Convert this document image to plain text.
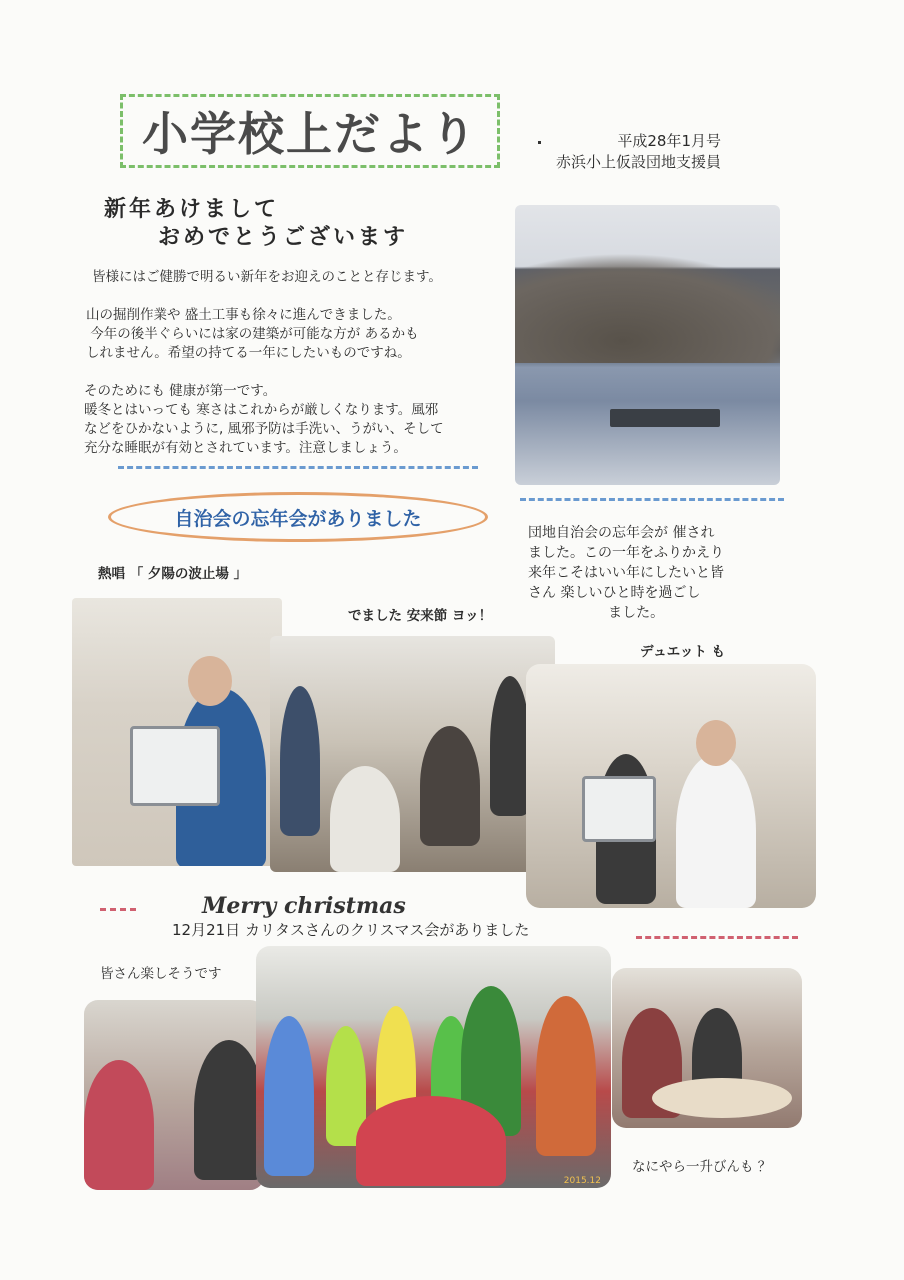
小学校上だより	平成28年1月号
赤浜小上仮設団地支援員
新年あけまして
おめでとうございます
皆様にはご健勝で明るい新年をお迎えのことと存じます。
山の掘削作業や 盛土工事も徐々に進んできました。
今年の後半ぐらいには家の建築が可能な方が あるかも
しれません。希望の持てる一年にしたいものですね。
そのためにも 健康が第一です。
暖冬とはいっても 寒さはこれからが厳しくなります。風邪
などをひかないように, 風邪予防は手洗い、うがい、そして
充分な睡眠が有効とされています。注意しましょう。
自治会の忘年会がありました
団地自治会の忘年会が 催され
ました。この一年をふりかえり
来年こそはいい年にしたいと皆
さん 楽しいひと時を過ごし
ました。
熱唱 「 夕陽の波止場 」
でました 安来節 ヨッ！
デュエット も
Merry christmas
12月21日 カリタスさんのクリスマス会がありました
皆さん楽しそうです
2015.12
なにやら一升びんも ？
